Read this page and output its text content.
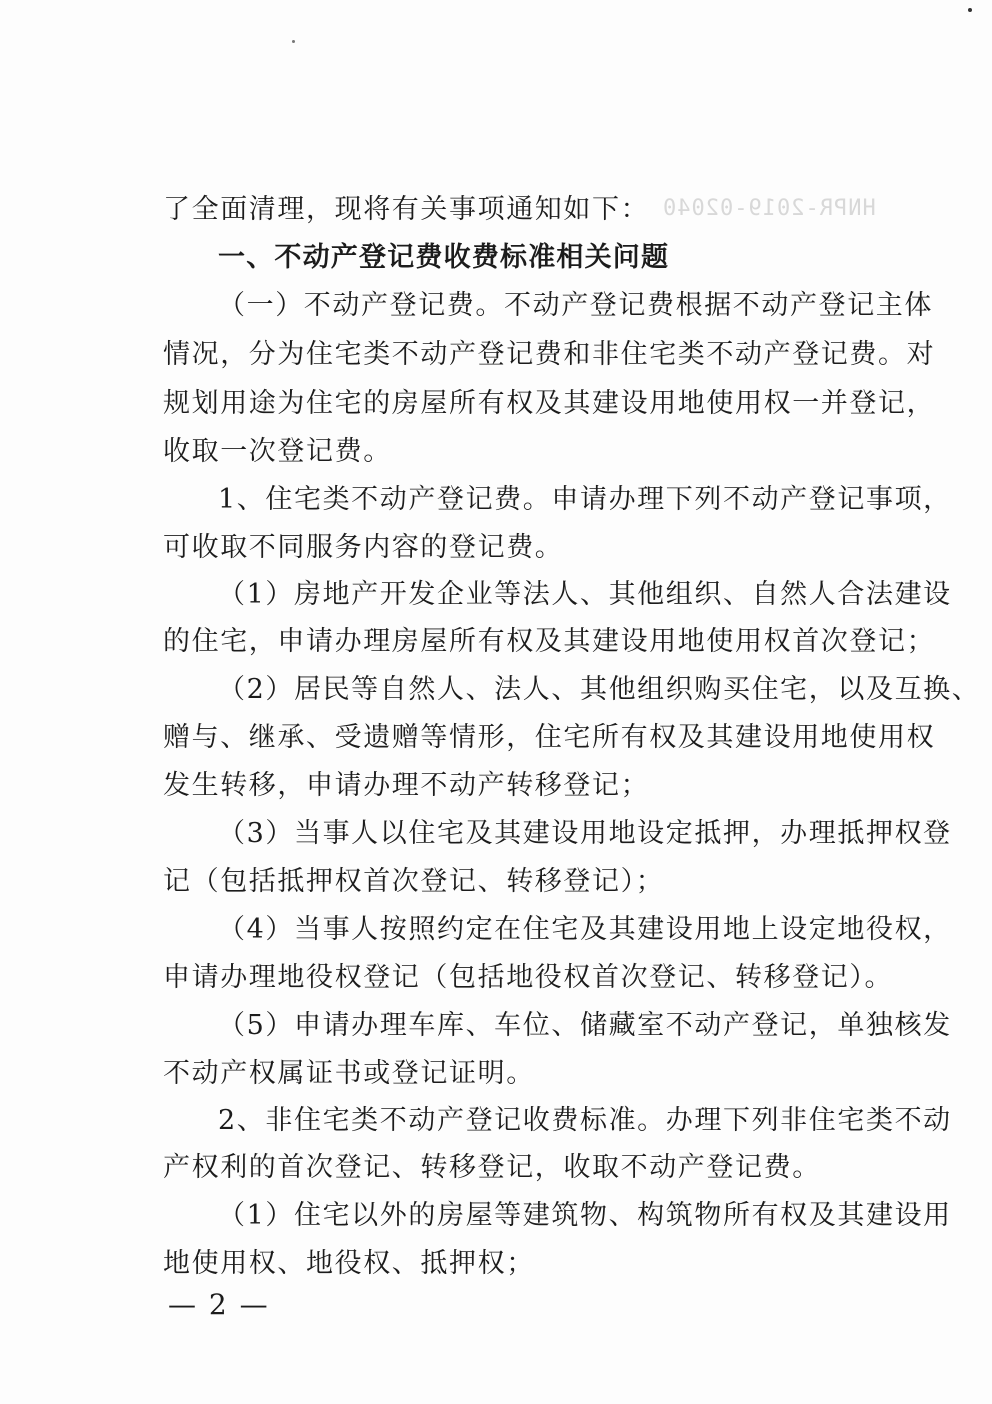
HNPR-2019-02040
了全面清理，现将有关事项通知如下：
一、不动产登记费收费标准相关问题
（一）不动产登记费。不动产登记费根据不动产登记主体
情况，分为住宅类不动产登记费和非住宅类不动产登记费。对
规划用途为住宅的房屋所有权及其建设用地使用权一并登记，
收取一次登记费。
1、住宅类不动产登记费。申请办理下列不动产登记事项，
可收取不同服务内容的登记费。
（1）房地产开发企业等法人、其他组织、自然人合法建设
的住宅，申请办理房屋所有权及其建设用地使用权首次登记；
（2）居民等自然人、法人、其他组织购买住宅，以及互换、
赠与、继承、受遗赠等情形，住宅所有权及其建设用地使用权
发生转移，申请办理不动产转移登记；
（3）当事人以住宅及其建设用地设定抵押，办理抵押权登
记（包括抵押权首次登记、转移登记）；
（4）当事人按照约定在住宅及其建设用地上设定地役权，
申请办理地役权登记（包括地役权首次登记、转移登记）。
（5）申请办理车库、车位、储藏室不动产登记，单独核发
不动产权属证书或登记证明。
2、非住宅类不动产登记收费标准。办理下列非住宅类不动
产权利的首次登记、转移登记，收取不动产登记费。
（1）住宅以外的房屋等建筑物、构筑物所有权及其建设用
地使用权、地役权、抵押权；
— 2 —
